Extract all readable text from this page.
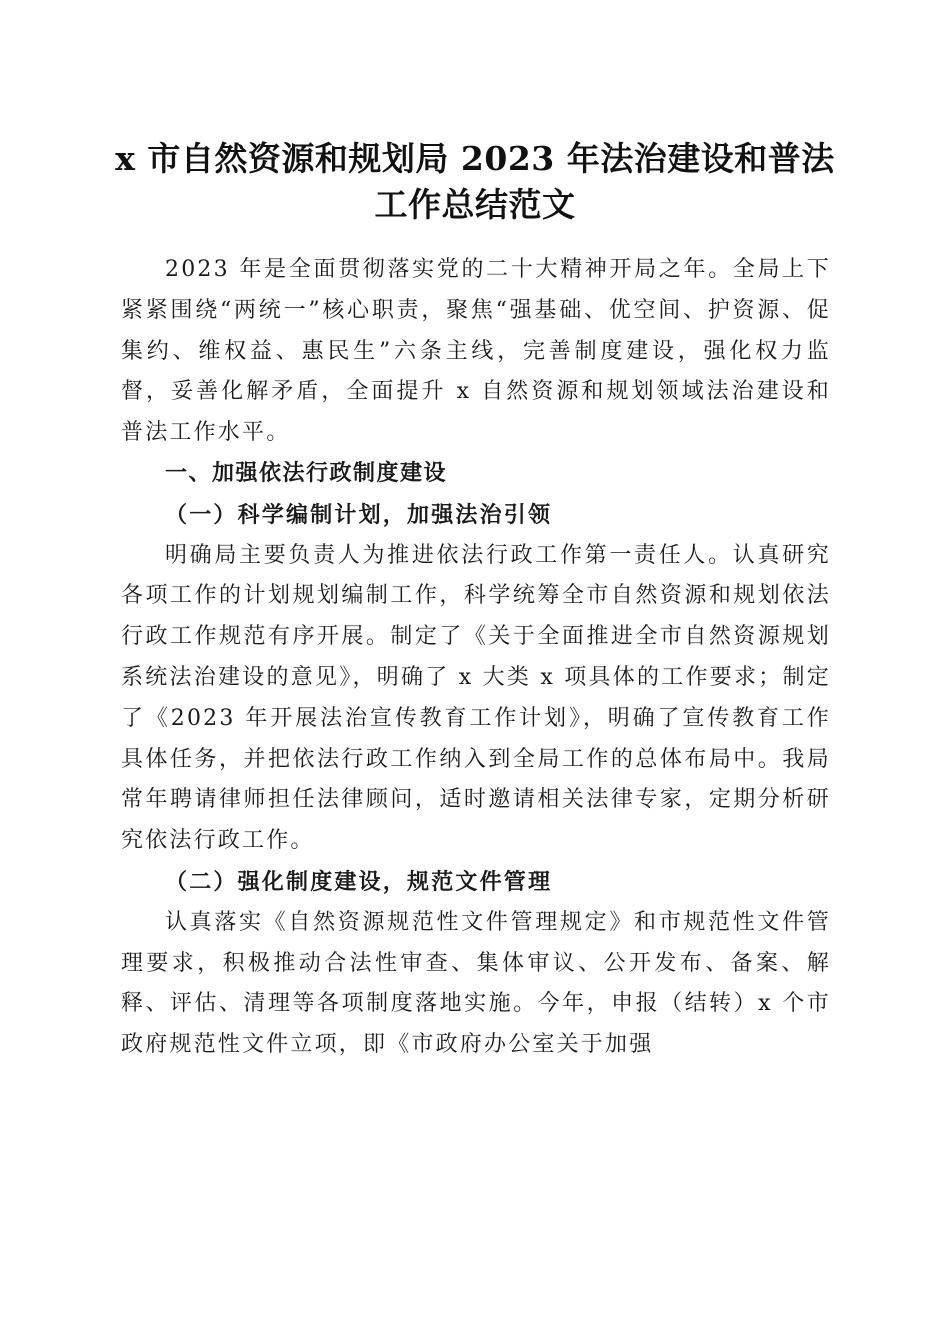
x 市自然资源和规划局 2023 年法治建设和普法
工作总结范文

2023 年是全面贯彻落实党的二十大精神开局之年。全局上下紧紧围绕“两统一”核心职责，聚焦“强基础、优空间、护资源、促集约、维权益、惠民生”六条主线，完善制度建设，强化权力监督，妥善化解矛盾，全面提升 x 自然资源和规划领域法治建设和普法工作水平。

一、加强依法行政制度建设

（一）科学编制计划，加强法治引领

明确局主要负责人为推进依法行政工作第一责任人。认真研究各项工作的计划规划编制工作，科学统筹全市自然资源和规划依法行政工作规范有序开展。制定了《关于全面推进全市自然资源规划系统法治建设的意见》，明确了 x 大类 x 项具体的工作要求；制定了《2023 年开展法治宣传教育工作计划》，明确了宣传教育工作具体任务，并把依法行政工作纳入到全局工作的总体布局中。我局常年聘请律师担任法律顾问，适时邀请相关法律专家，定期分析研究依法行政工作。

（二）强化制度建设，规范文件管理

认真落实《自然资源规范性文件管理规定》和市规范性文件管理要求，积极推动合法性审查、集体审议、公开发布、备案、解释、评估、清理等各项制度落地实施。今年，申报（结转）x 个市政府规范性文件立项，即《市政府办公室关于加强
